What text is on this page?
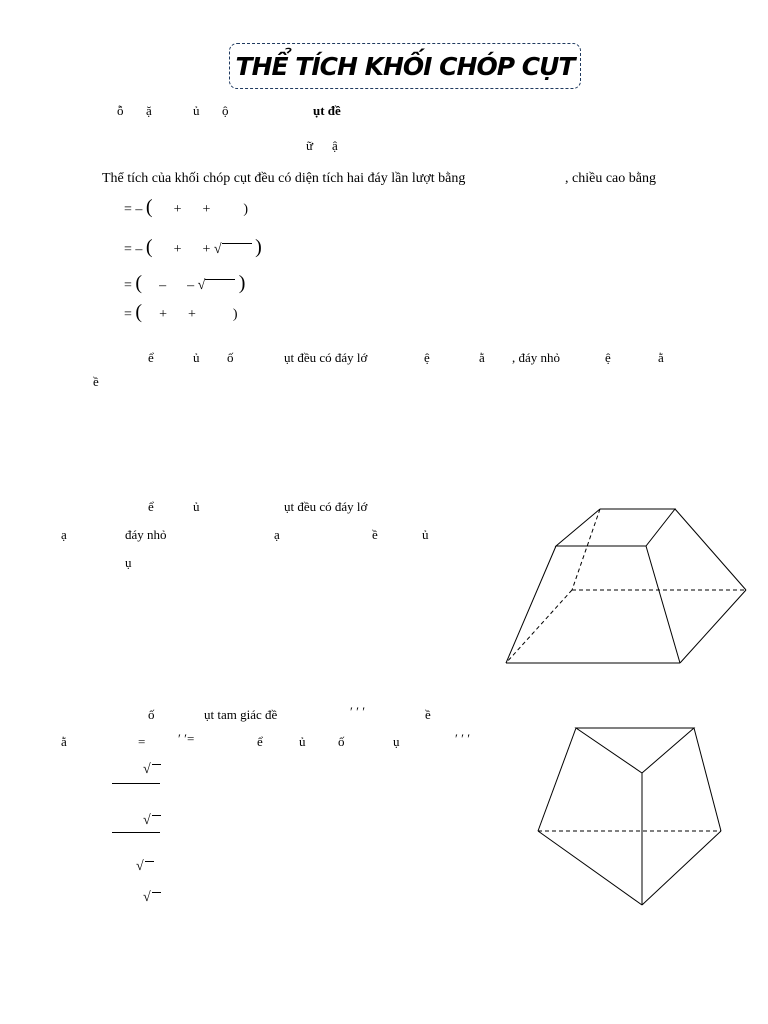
THỂ TÍCH KHỐI CHÓP CỤT
ỗ ặ	ủ ộ	ụt đề
ữ ậ
Thể tích của khối chóp cụt đều có diện tích hai đáy lần lượt bằng	, chiều cao bằng
= – ( + + )
= – ( + + √ )
= ( – – √ )
= ( + +	)
ể	ủ ố	ụt đều có đáy lớ	ệ	ằ , đáy nhỏ	ệ	ằ
ề
ể	ủ	ụt đều có đáy lớ
ạ	đáy nhỏ	ạ	ề	ủ
ụ
ố	ụt tam giác đề	′ ′ ′	ề
ằ	=	′ ′=	ể	ủ	ố	ụ	′ ′ ′
√
√
√
√
